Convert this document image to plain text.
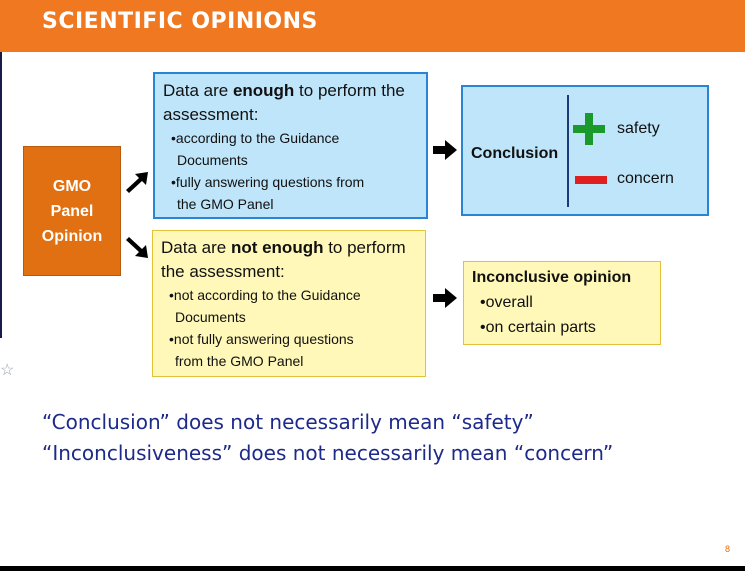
SCIENTIFIC OPINIONS
☆
GMO
Panel
Opinion
Data are enough to perform the assessment:
•according to the Guidance
Documents
•fully answering questions from
the GMO Panel
Data are not enough to perform the assessment:
•not according to the Guidance
Documents
•not fully answering questions
from the GMO Panel
Conclusion
safety
concern
Inconclusive opinion
•overall
•on certain parts
“Conclusion” does not necessarily mean “safety”
“Inconclusiveness” does not necessarily mean “concern”
8
